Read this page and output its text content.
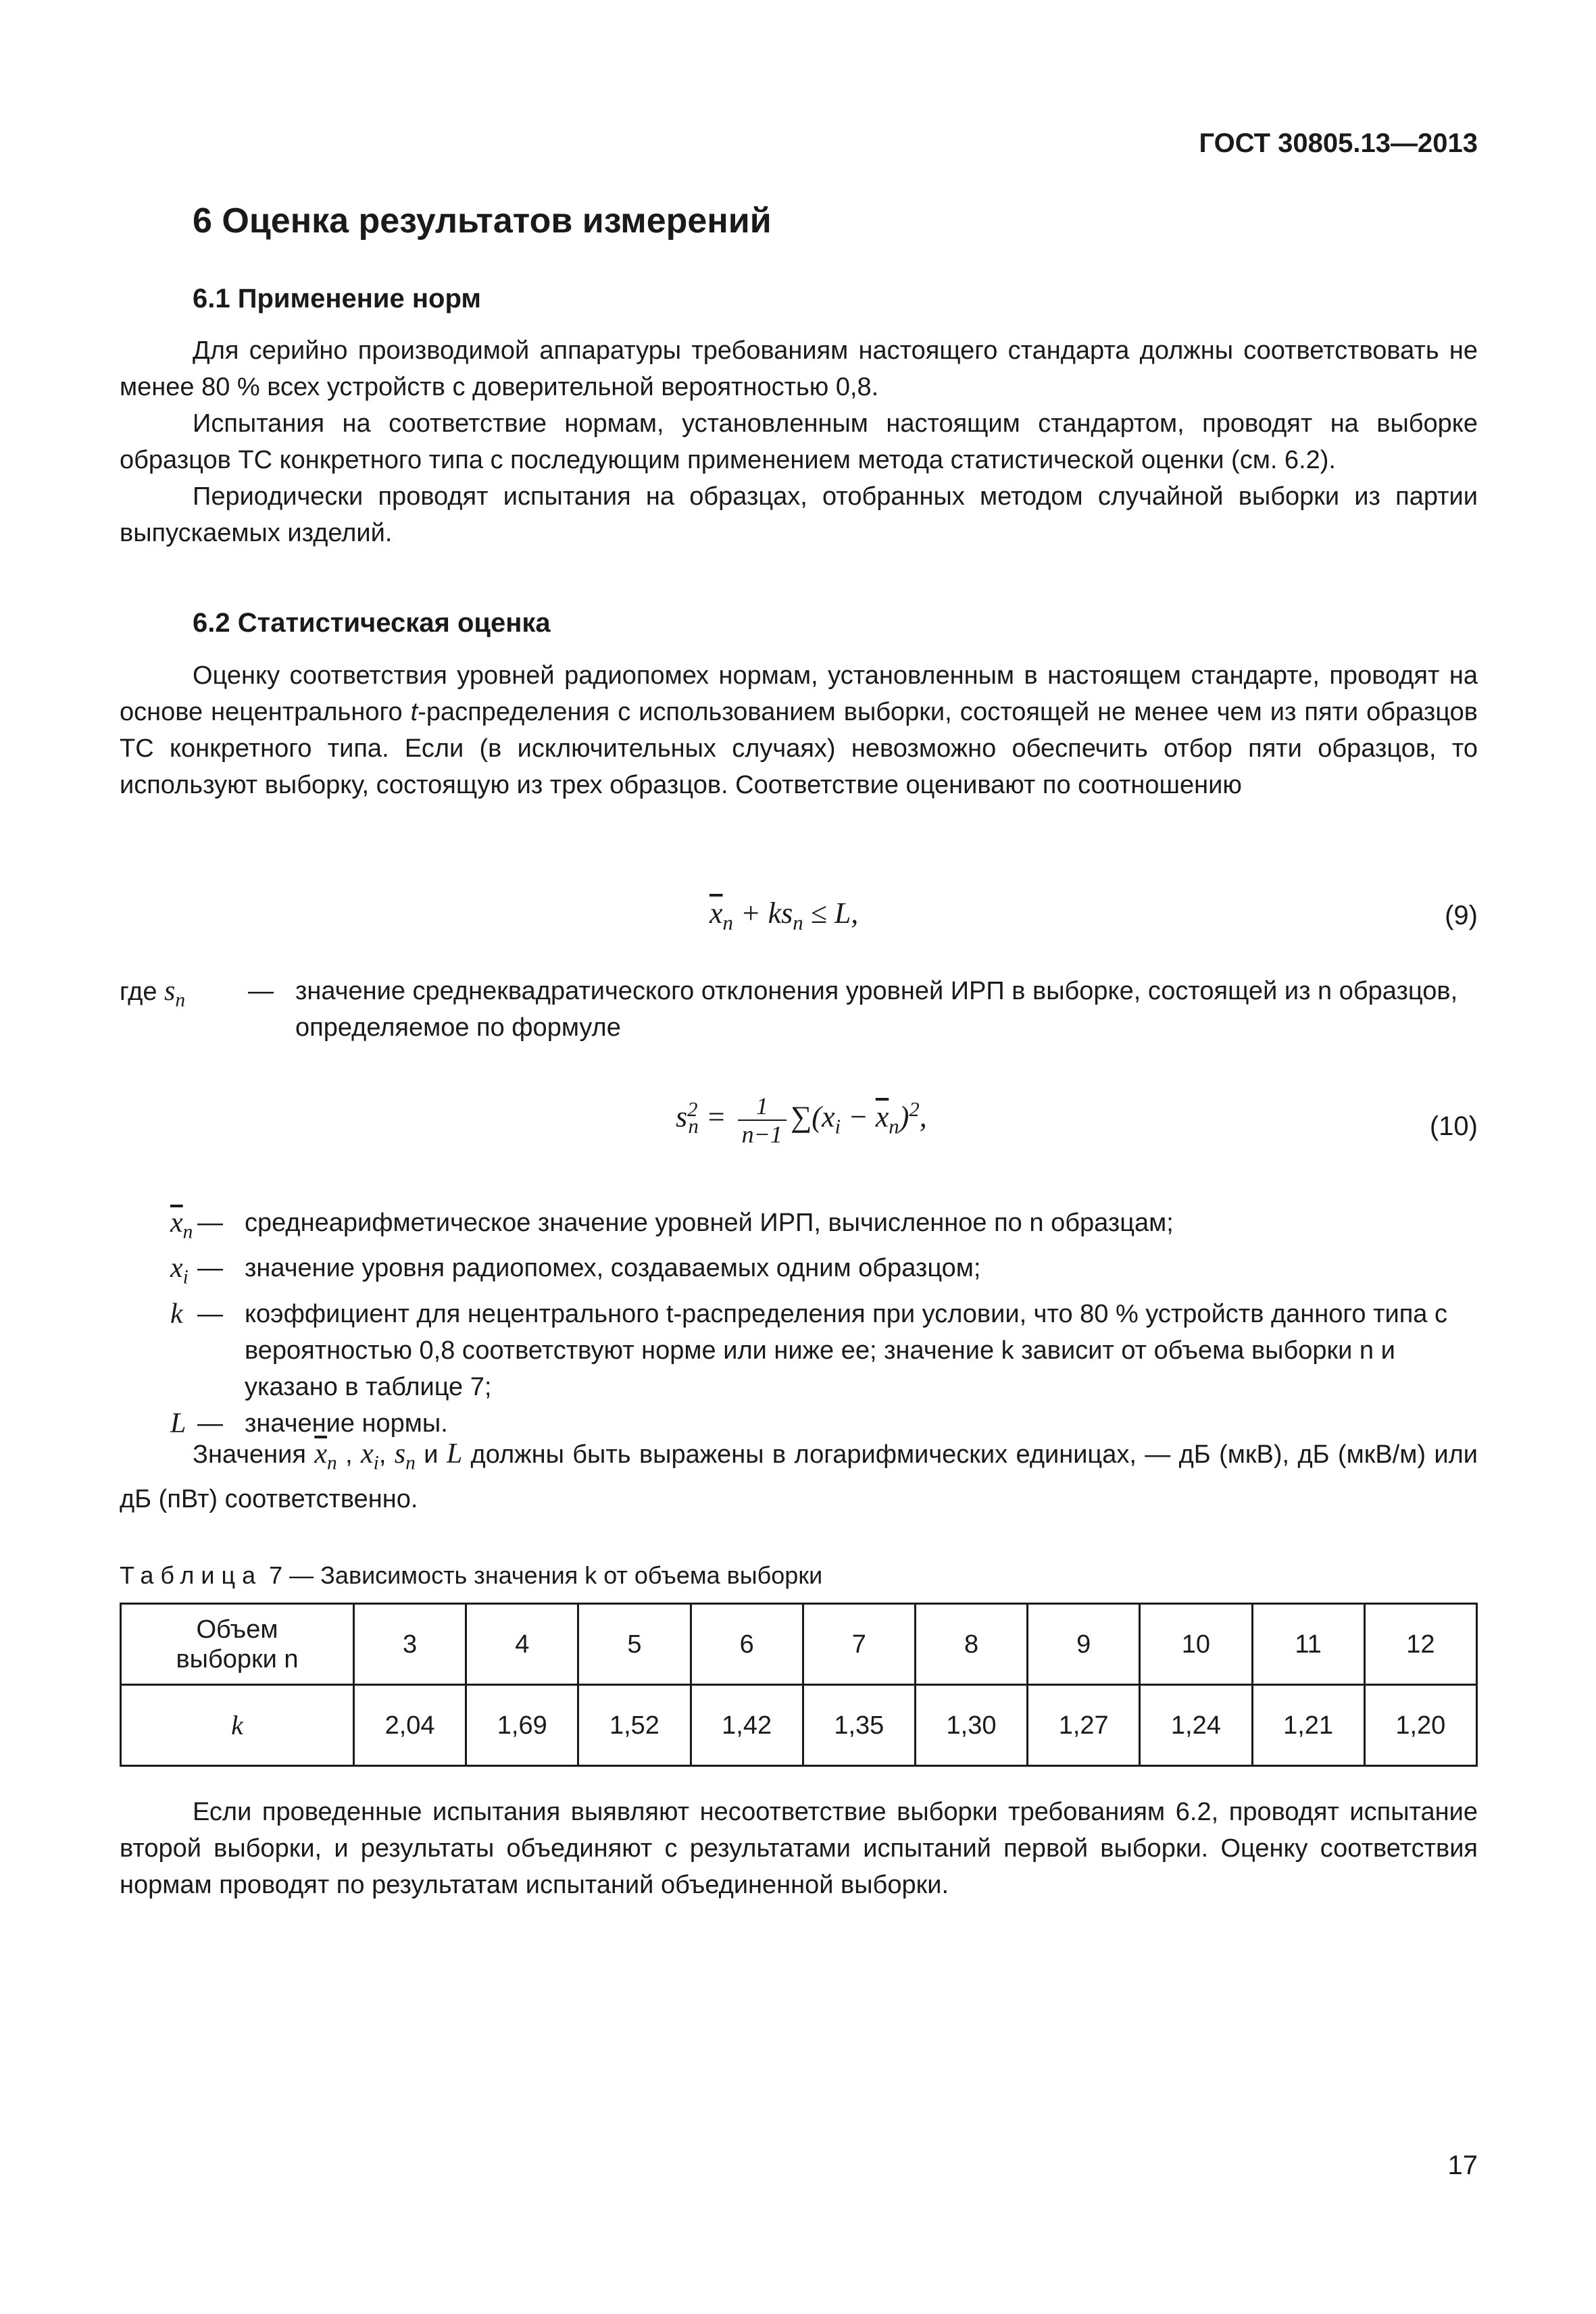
ГОСТ 30805.13—2013
6 Оценка результатов измерений
6.1 Применение норм

Для серийно производимой аппаратуры требованиям настоящего стандарта должны соответствовать не менее 80 % всех устройств с доверительной вероятностью 0,8.

Испытания на соответствие нормам, установленным настоящим стандартом, проводят на выборке образцов ТС конкретного типа с последующим применением метода статистической оценки (см. 6.2).

Периодически проводят испытания на образцах, отобранных методом случайной выборки из партии выпускаемых изделий.

6.2 Статистическая оценка

Оценку соответствия уровней радиопомех нормам, установленным в настоящем стандарте, проводят на основе нецентрального t-распределения с использованием выборки, состоящей не менее чем из пяти образцов ТС конкретного типа. Если (в исключительных случаях) невозможно обеспечить отбор пяти образцов, то используют выборку, состоящую из трех образцов. Соответствие оценивают по соотношению

$\overline{x}_n + ks_n \le L$,	(9)
где $s_n$	— значение среднеквадратического отклонения уровней ИРП в выборке, состоящей из n образцов, определяемое по формуле
$s^2_n = \frac{1}{n-1} \sum(x_i - \overline{x}_n)^2$,	(10)
$\overline{x}_n$ — среднеарифметическое значение уровней ИРП, вычисленное по n образцам;
$x_i$ — значение уровня радиопомех, создаваемых одним образцом;
k — коэффициент для нецентрального t-распределения при условии, что 80 % устройств данного типа с вероятностью 0,8 соответствуют норме или ниже ее; значение k зависит от объема выборки n и указано в таблице 7;
L — значение нормы.

Значения $\overline{x}_n$ , $x_i$, $s_n$ и L должны быть выражены в логарифмических единицах, — дБ (мкВ), дБ (мкВ/м) или дБ (пВт) соответственно.

Таблица 7 — Зависимость значения k от объема выборки
Объем
выборки n	3	4	5	6	7	8	9	10	11	12
k	2,04	1,69	1,52	1,42	1,35	1,30	1,27	1,24	1,21	1,20

Если проведенные испытания выявляют несоответствие выборки требованиям 6.2, проводят испытание второй выборки, и результаты объединяют с результатами испытаний первой выборки. Оценку соответствия нормам проводят по результатам испытаний объединенной выборки.

17
